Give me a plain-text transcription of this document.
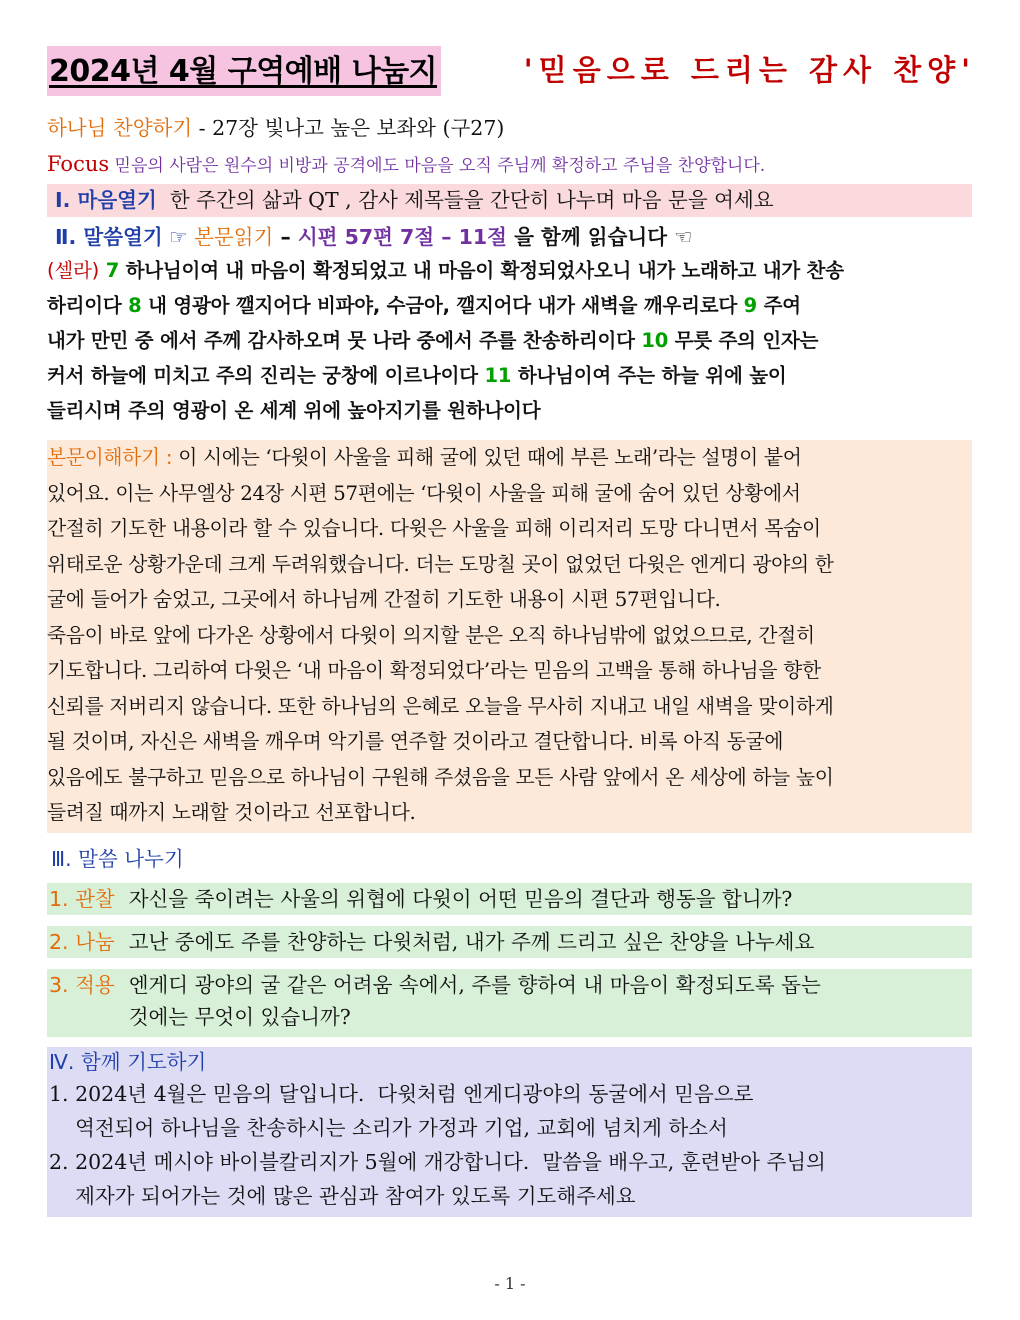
2024년 4월 구역예배 나눔지	'믿음으로 드리는 감사 찬양'
하나님 찬양하기 - 27장 빛나고 높은 보좌와 (구27)
Focus 믿음의 사람은 원수의 비방과 공격에도 마음을 오직 주님께 확정하고 주님을 찬양합니다.
Ⅰ. 마음열기 한 주간의 삶과 QT , 감사 제목들을 간단히 나누며 마음 문을 여세요
Ⅱ. 말씀열기 ☞ 본문읽기 – 시편 57편 7절 – 11절 을 함께 읽습니다 ☜
(셀라) 7 하나님이여 내 마음이 확정되었고 내 마음이 확정되었사오니 내가 노래하고 내가 찬송
하리이다 8 내 영광아 깰지어다 비파야, 수금아, 깰지어다 내가 새벽을 깨우리로다 9 주여
내가 만민 중 에서 주께 감사하오며 뭇 나라 중에서 주를 찬송하리이다 10 무릇 주의 인자는
커서 하늘에 미치고 주의 진리는 궁창에 이르나이다 11 하나님이여 주는 하늘 위에 높이
들리시며 주의 영광이 온 세계 위에 높아지기를 원하나이다
본문이해하기 : 이 시에는 ‘다윗이 사울을 피해 굴에 있던 때에 부른 노래’라는 설명이 붙어
있어요. 이는 사무엘상 24장 시편 57편에는 ‘다윗이 사울을 피해 굴에 숨어 있던 상황에서
간절히 기도한 내용이라 할 수 있습니다. 다윗은 사울을 피해 이리저리 도망 다니면서 목숨이
위태로운 상황가운데 크게 두려워했습니다. 더는 도망칠 곳이 없었던 다윗은 엔게디 광야의 한
굴에 들어가 숨었고, 그곳에서 하나님께 간절히 기도한 내용이 시편 57편입니다.
죽음이 바로 앞에 다가온 상황에서 다윗이 의지할 분은 오직 하나님밖에 없었으므로, 간절히
기도합니다. 그리하여 다윗은 ‘내 마음이 확정되었다’라는 믿음의 고백을 통해 하나님을 향한
신뢰를 저버리지 않습니다. 또한 하나님의 은혜로 오늘을 무사히 지내고 내일 새벽을 맞이하게
될 것이며, 자신은 새벽을 깨우며 악기를 연주할 것이라고 결단합니다. 비록 아직 동굴에
있음에도 불구하고 믿음으로 하나님이 구원해 주셨음을 모든 사람 앞에서 온 세상에 하늘 높이
들려질 때까지 노래할 것이라고 선포합니다.
Ⅲ. 말씀 나누기
1. 관찰 자신을 죽이려는 사울의 위협에 다윗이 어떤 믿음의 결단과 행동을 합니까?
2. 나눔 고난 중에도 주를 찬양하는 다윗처럼, 내가 주께 드리고 싶은 찬양을 나누세요
3. 적용 엔게디 광야의 굴 같은 어려움 속에서, 주를 향하여 내 마음이 확정되도록 돕는
것에는 무엇이 있습니까?
Ⅳ. 함께 기도하기
1. 2024년 4월은 믿음의 달입니다.  다윗처럼 엔게디광야의 동굴에서 믿음으로
역전되어 하나님을 찬송하시는 소리가 가정과 기업, 교회에 넘치게 하소서
2. 2024년 메시야 바이블칼리지가 5월에 개강합니다.  말씀을 배우고, 훈련받아 주님의
제자가 되어가는 것에 많은 관심과 참여가 있도록 기도해주세요
- 1 -
